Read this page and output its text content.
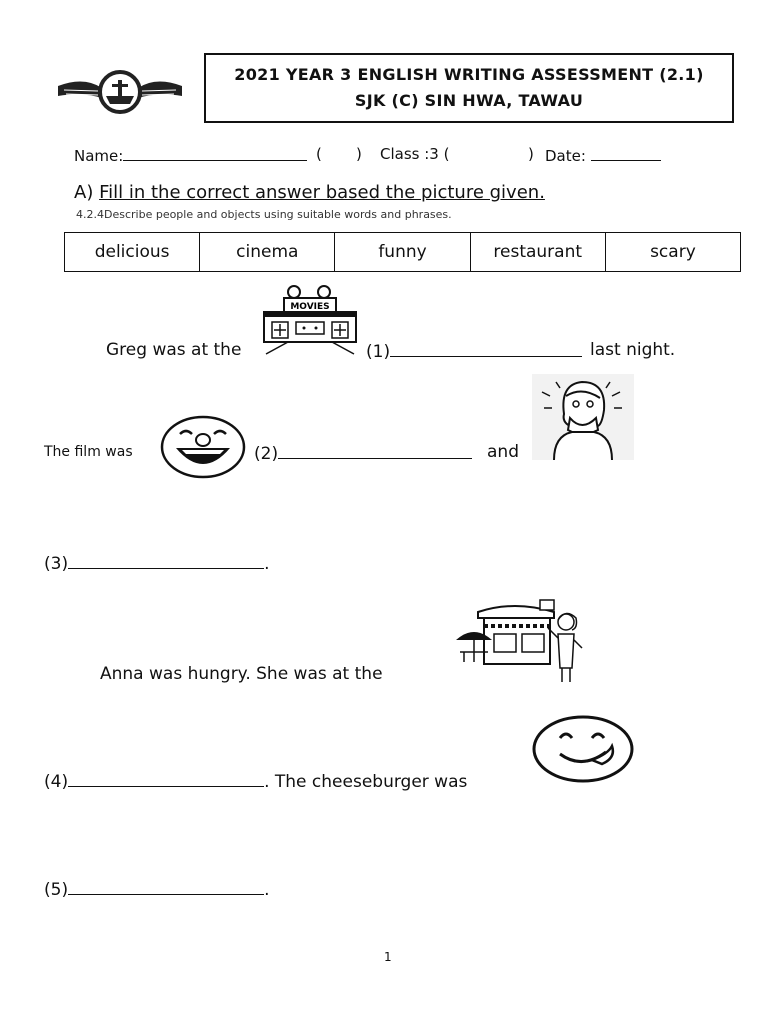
2021 YEAR 3 ENGLISH WRITING ASSESSMENT (2.1)
SJK (C) SIN HWA, TAWAU
Name:	( ) Class :3 (	) Date:
A) Fill in the correct answer based the picture given.
4.2.4Describe people and objects using suitable words and phrases.
delicious	cinema	funny	restaurant	scary
Greg was at the
MOVIES
(1)	last night.
The film was	(2)	and
(3)	.
Anna was hungry. She was at the
(4)	. The cheeseburger was
(5)	.
1
